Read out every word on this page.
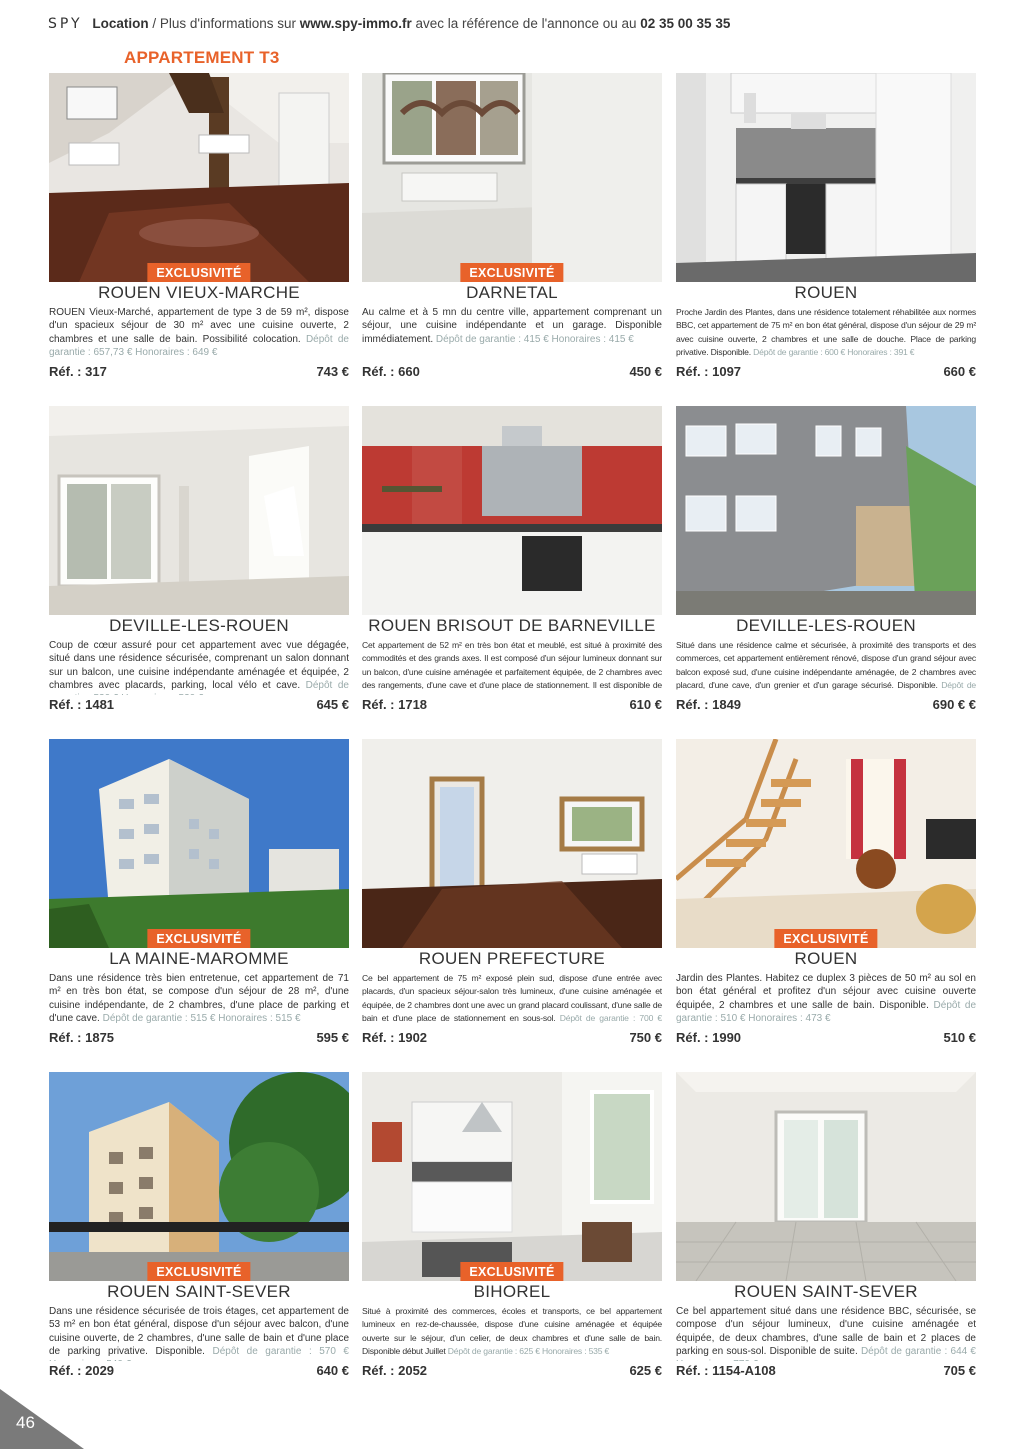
SPY Location / Plus d'informations sur www.spy-immo.fr avec la référence de l'annonce ou au 02 35 00 35 35
APPARTEMENT T3
EXCLUSIVITÉ
ROUEN VIEUX-MARCHE
ROUEN Vieux-Marché, appartement de type 3 de 59 m², dispose d'un spacieux séjour de 30 m² avec une cuisine ouverte, 2 chambres et une salle de bain. Possibilité colocation. Dépôt de garantie : 657,73 € Honoraires : 649 €
Réf. : 317	743 €
EXCLUSIVITÉ
DARNETAL
Au calme et à 5 mn du centre ville, appartement comprenant un séjour, une cuisine indépendante et un garage. Disponible immédiatement. Dépôt de garantie : 415 € Honoraires : 415 €
Réf. : 660	450 €
ROUEN
Proche Jardin des Plantes, dans une résidence totalement réhabilitée aux normes BBC, cet appartement de 75 m² en bon état général, dispose d'un séjour de 29 m² avec cuisine ouverte, 2 chambres et une salle de douche. Place de parking privative. Disponible. Dépôt de garantie : 600 € Honoraires : 391 €
Réf. : 1097	660 €
DEVILLE-LES-ROUEN
Coup de cœur assuré pour cet appartement avec vue dégagée, situé dans une résidence sécurisée, comprenant un salon donnant sur un balcon, une cuisine indépendante aménagée et équipée, 2 chambres avec placards, parking, local vélo et cave. Dépôt de
Réf. : 1481	645 €
ROUEN BRISOUT DE BARNEVILLE
Cet appartement de 52 m² en très bon état et meublé, est situé à proximité des commodités et des grands axes. Il est composé d'un séjour lumineux donnant sur un balcon, d'une cuisine aménagée et parfaitement équipée, de 2 chambres avec des rangements, d'une cave et d'une place de stationnement. Il est disponible de
Réf. : 1718	610 €
DEVILLE-LES-ROUEN
Situé dans une résidence calme et sécurisée, à proximité des transports et des commerces, cet appartement entièrement rénové, dispose d'un grand séjour avec balcon exposé sud, d'une cuisine indépendante aménagée, de 2 chambres avec placard, d'une cave, d'un grenier et d'un garage sécurisé. Disponible. Dépôt de
Réf. : 1849	690 € €
EXCLUSIVITÉ
LA MAINE-MAROMME
Dans une résidence très bien entretenue, cet appartement de 71 m² en très bon état, se compose d'un séjour de 28 m², d'une cuisine indépendante, de 2 chambres, d'une place de parking et d'une cave. Dépôt de garantie : 515 € Honoraires : 515 €
Réf. : 1875	595 €
ROUEN PREFECTURE
Ce bel appartement de 75 m² exposé plein sud, dispose d'une entrée avec placards, d'un spacieux séjour-salon très lumineux, d'une cuisine aménagée et équipée, de 2 chambres dont une avec un grand placard coulissant, d'une salle de bain et d'une place de stationnement en sous-sol. Dépôt de garantie : 700 €
Réf. : 1902	750 €
EXCLUSIVITÉ
ROUEN
Jardin des Plantes. Habitez ce duplex 3 pièces de 50 m² au sol en bon état général et profitez d'un séjour avec cuisine ouverte équipée, 2 chambres et une salle de bain. Disponible. Dépôt de garantie : 510 € Honoraires : 473 €
Réf. : 1990	510 €
EXCLUSIVITÉ
ROUEN SAINT-SEVER
Dans une résidence sécurisée de trois étages, cet appartement de 53 m² en bon état général, dispose d'un séjour avec balcon, d'une cuisine ouverte, de 2 chambres, d'une salle de bain et d'une place de parking privative. Disponible. Dépôt de garantie : 570 €
Réf. : 2029	640 €
EXCLUSIVITÉ
BIHOREL
Situé à proximité des commerces, écoles et transports, ce bel appartement lumineux en rez-de-chaussée, dispose d'une cuisine aménagée et équipée ouverte sur le séjour, d'un celier, de deux chambres et d'une salle de bain. Disponible début Juillet Dépôt de garantie : 625 € Honoraires : 535 €
Réf. : 2052	625 €
ROUEN SAINT-SEVER
Ce bel appartement situé dans une résidence BBC, sécurisée, se compose d'un séjour lumineux, d'une cuisine aménagée et équipée, de deux chambres, d'une salle de bain et 2 places de parking en sous-sol. Disponible de suite. Dépôt de garantie : 644 €
Réf. : 1154-A108	705 €
46
